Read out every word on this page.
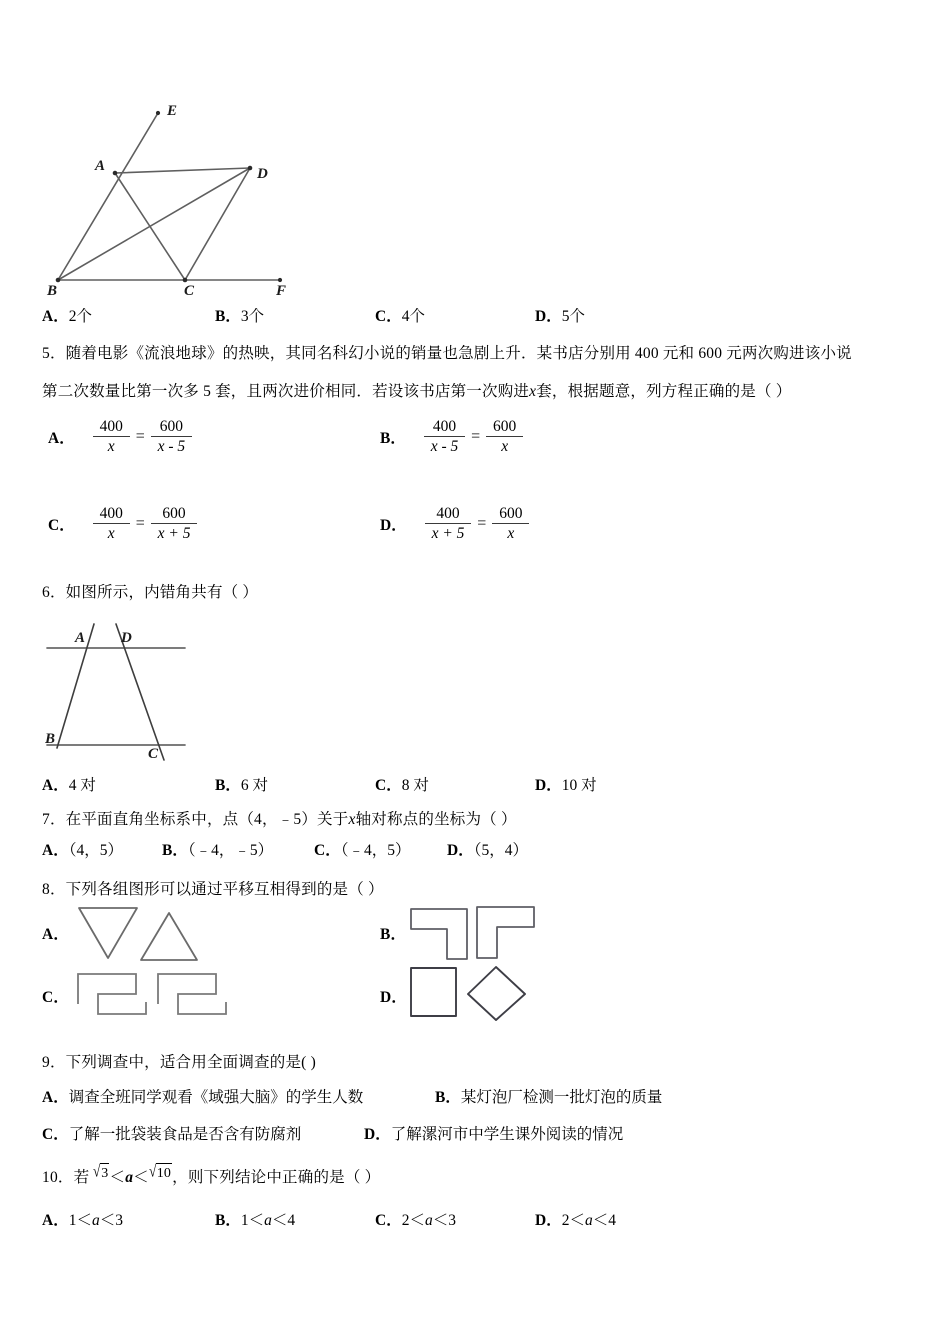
E
A	D
B	C	F
A．2个	B．3个	C．4个	D．5个
5．随着电影《流浪地球》的热映，其同名科幻小说的销量也急剧上升．某书店分别用 400 元和 600 元两次购进该小说
第二次数量比第一次多 5 套，且两次进价相同．若设该书店第一次购进x套，根据题意，列方程正确的是（ ）
A． $\frac{400}{x} = \frac{600}{x - 5}$	B． $\frac{400}{x - 5} = \frac{600}{x}$
C． $\frac{400}{x} = \frac{600}{x + 5}$	D． $\frac{400}{x + 5} = \frac{600}{x}$
6．如图所示，内错角共有（ ）
A D
B
C
A．4 对	B．6 对	C．8 对	D．10 对
7．在平面直角坐标系中，点（4，﹣5）关于x轴对称点的坐标为（ ）
A．（4，5）	B．（﹣4，﹣5）	C．（﹣4，5） D．（5，4）
8．下列各组图形可以通过平移互相得到的是（ ）
A．	B．
C．	D．
9．下列调查中，适合用全面调查的是( )
A．调查全班同学观看《域强大脑》的学生人数	B．某灯泡厂检测一批灯泡的质量
C．了解一批袋装食品是否含有防腐剂	D．了解漯河市中学生课外阅读的情况
10．若 √3＜a＜√10，则下列结论中正确的是（ ）
A．1＜a＜3	B．1＜a＜4	C．2＜a＜3	D．2＜a＜4
